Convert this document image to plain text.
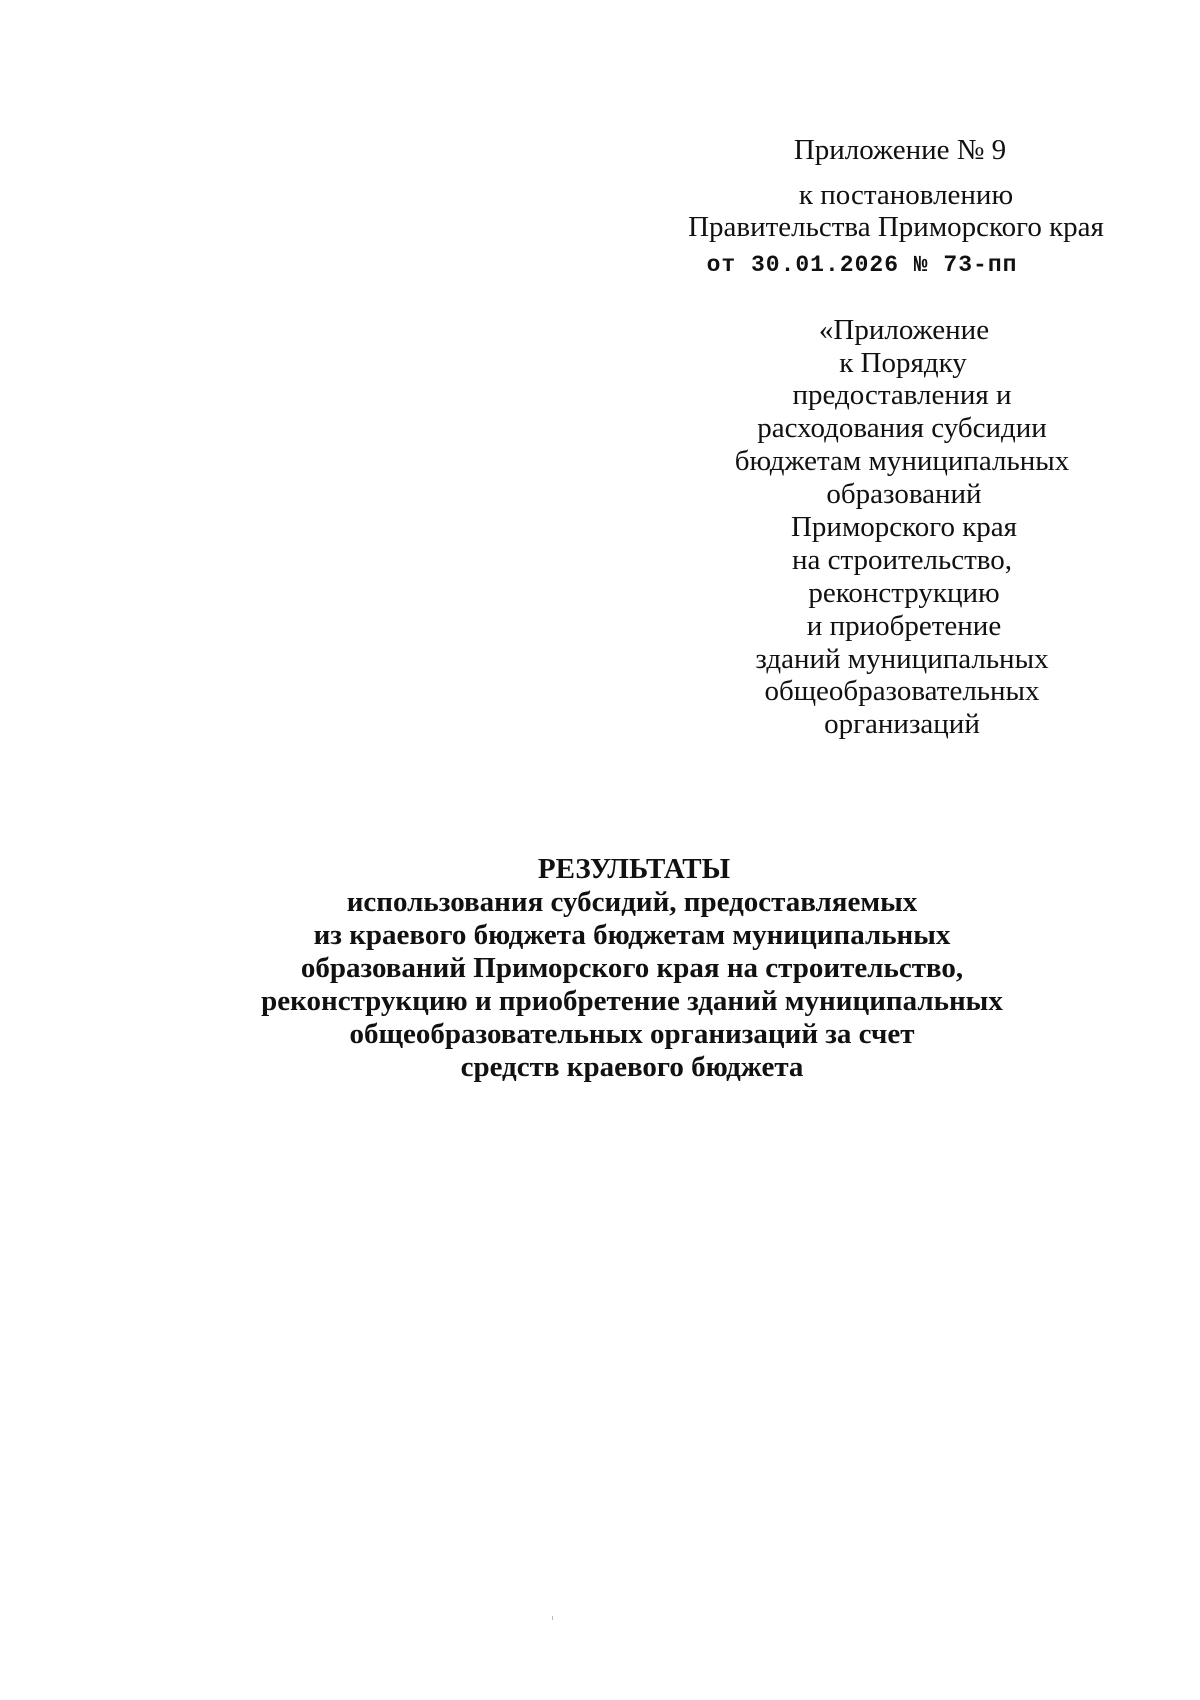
Приложение № 9
к постановлению
Правительства Приморского края
от 30.01.2026 № 73-пп
«Приложение
к Порядку
предоставления и
расходования субсидии
бюджетам муниципальных
образований
Приморского края
на строительство,
реконструкцию
и приобретение
зданий муниципальных
общеобразовательных
организаций
РЕЗУЛЬТАТЫ
использования субсидий, предоставляемых
из краевого бюджета бюджетам муниципальных
образований Приморского края на строительство,
реконструкцию и приобретение зданий муниципальных
общеобразовательных организаций за счет
средств краевого бюджета
